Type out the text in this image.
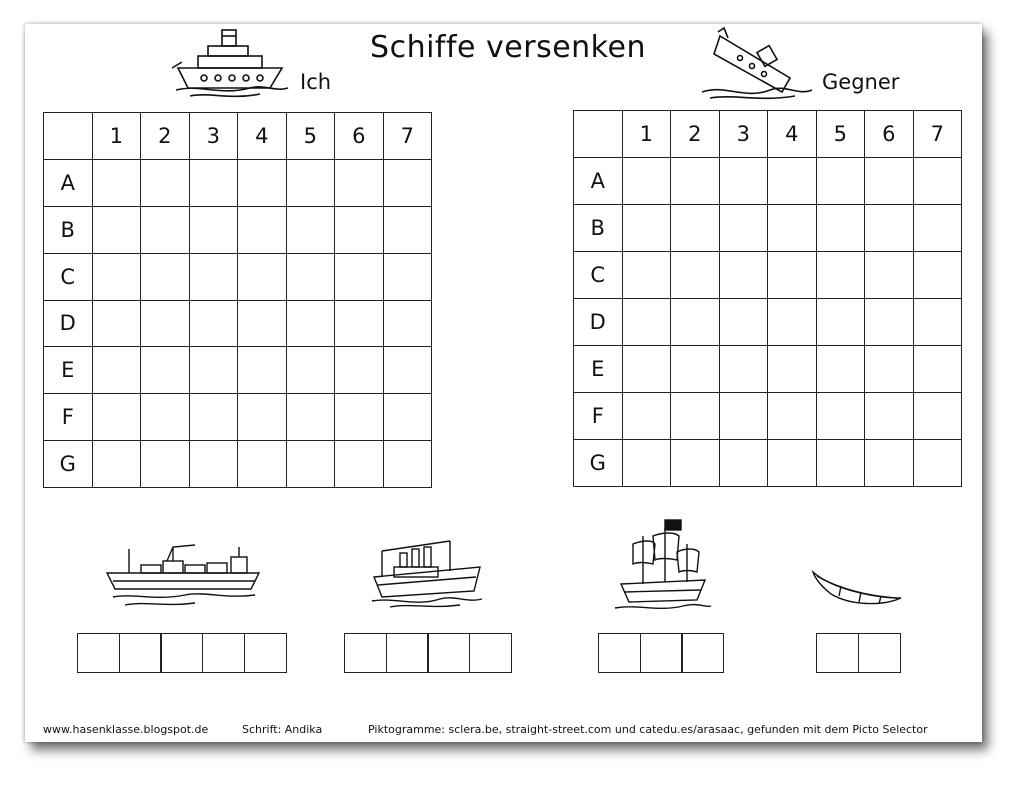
Schiffe versenken
Ich	Gegner
	1	2	3	4	5	6	7
A							
B							
C							
D							
E							
F							
G							
	1	2	3	4	5	6	7
A							
B							
C							
D							
E							
F							
G							
www.hasenklasse.blogspot.de	Schrift: Andika	Piktogramme: sclera.be, straight-street.com und catedu.es/arasaac, gefunden mit dem Picto Selector
